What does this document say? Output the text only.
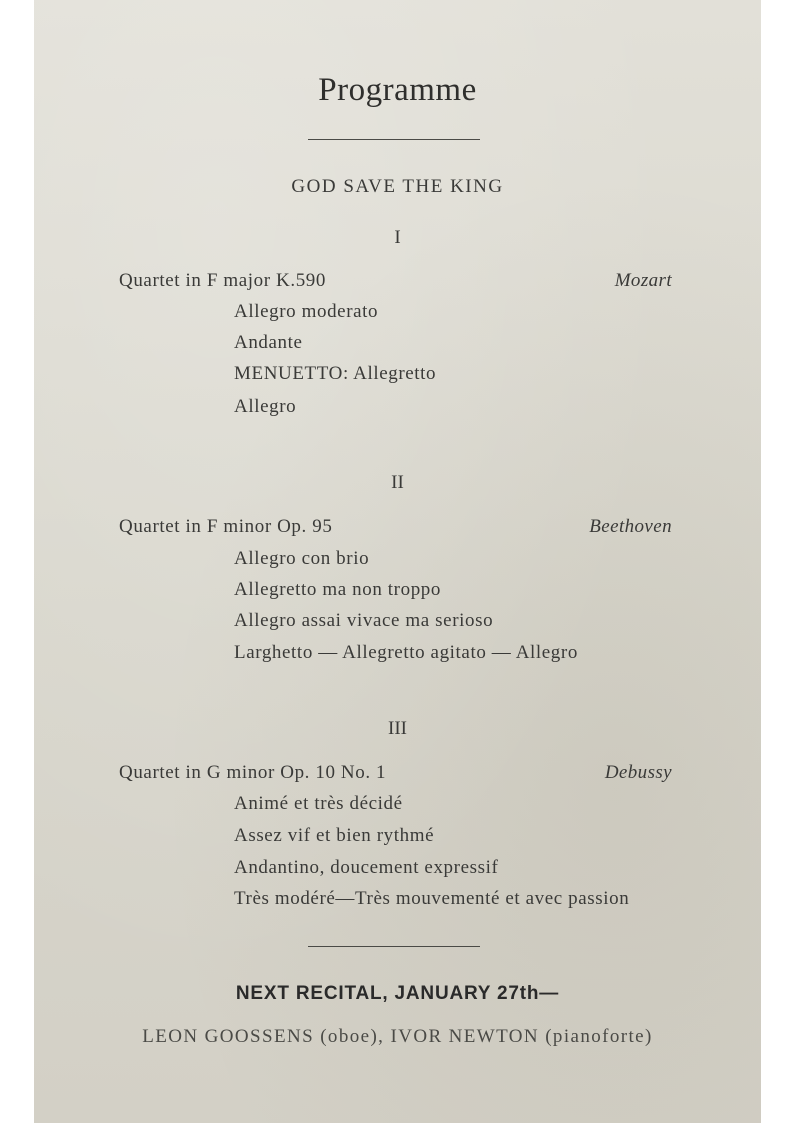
Programme
GOD SAVE THE KING
I
Quartet in F major K.590	Mozart
Allegro moderato
Andante
MENUETTO: Allegretto
Allegro
II
Quartet in F minor Op. 95	Beethoven
Allegro con brio
Allegretto ma non troppo
Allegro assai vivace ma serioso
Larghetto — Allegretto agitato — Allegro
III
Quartet in G minor Op. 10 No. 1	Debussy
Animé et très décidé
Assez vif et bien rythmé
Andantino, doucement expressif
Très modéré—Très mouvementé et avec passion
NEXT RECITAL, JANUARY 27th—
LEON GOOSSENS (oboe), IVOR NEWTON (pianoforte)
